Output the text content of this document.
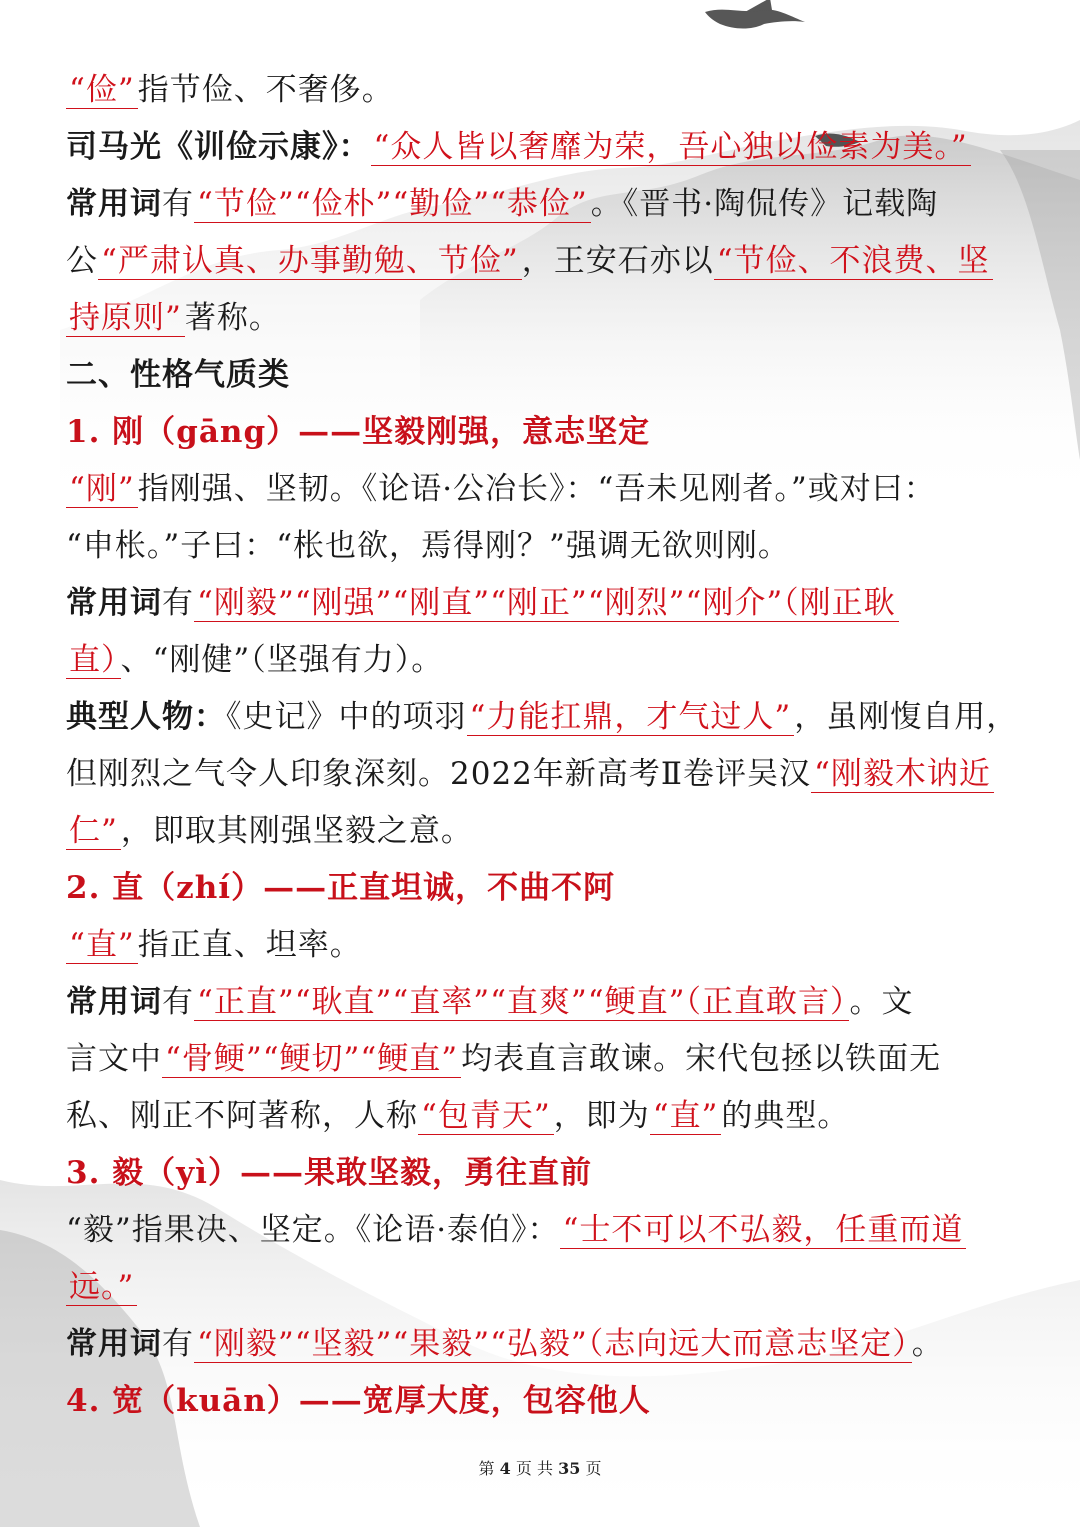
“俭”指节俭、不奢侈。
司马光《训俭示康》：“众人皆以奢靡为荣，吾心独以俭素为美。”
常用词有“节俭”“俭朴”“勤俭”“恭俭”。《晋书·陶侃传》记载陶
公“严肃认真、办事勤勉、节俭”，王安石亦以“节俭、不浪费、坚
持原则”著称。
二、性格气质类
1. 刚（gāng）——坚毅刚强，意志坚定
“刚”指刚强、坚韧。《论语·公冶长》：“吾未见刚者。”或对曰：
“申枨。”子曰：“枨也欲，焉得刚？”强调无欲则刚。
常用词有“刚毅”“刚强”“刚直”“刚正”“刚烈”“刚介”（刚正耿
直）、“刚健”（坚强有力）。
典型人物：《史记》中的项羽“力能扛鼎，才气过人”，虽刚愎自用，
但刚烈之气令人印象深刻。2022年新高考Ⅱ卷评吴汉“刚毅木讷近
仁”，即取其刚强坚毅之意。
2. 直（zhí）——正直坦诚，不曲不阿
“直”指正直、坦率。
常用词有“正直”“耿直”“直率”“直爽”“鲠直”（正直敢言）。文
言文中“骨鲠”“鲠切”“鲠直”均表直言敢谏。宋代包拯以铁面无
私、刚正不阿著称，人称“包青天”，即为“直”的典型。
3. 毅（yì）——果敢坚毅，勇往直前
“毅”指果决、坚定。《论语·泰伯》：“士不可以不弘毅，任重而道
远。”
常用词有“刚毅”“坚毅”“果毅”“弘毅”（志向远大而意志坚定）。
4. 宽（kuān）——宽厚大度，包容他人
第 4 页 共 35 页
